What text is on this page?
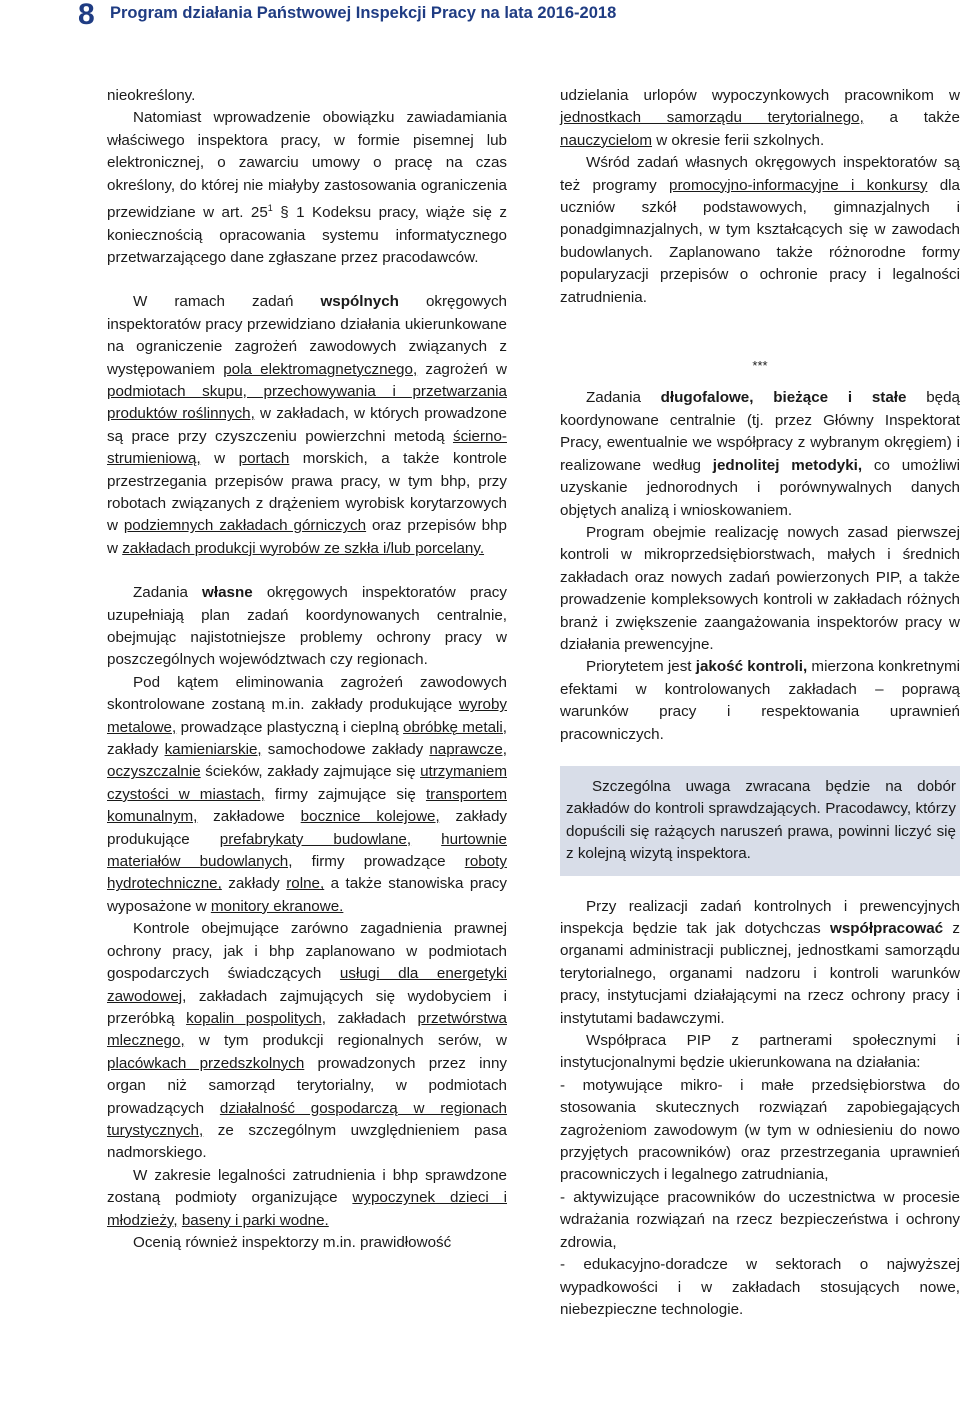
8 Program działania Państwowej Inspekcji Pracy na lata 2016-2018

nieokreślony.

Natomiast wprowadzenie obowiązku zawiadamiania właściwego inspektora pracy, w formie pisemnej lub elektronicznej, o zawarciu umowy o pracę na czas określony, do której nie miałyby zastosowania ograniczenia przewidziane w art. $25^1$ § 1 Kodeksu pracy, wiąże się z koniecznością opracowania systemu informatycznego przetwarzającego dane zgłaszane przez pracodawców.

W ramach zadań wspólnych okręgowych inspektoratów pracy przewidziano działania ukierunkowane na ograniczenie zagrożeń zawodowych związanych z występowaniem pola elektromagnetycznego, zagrożeń w podmiotach skupu, przechowywania i przetwarzania produktów roślinnych, w zakładach, w których prowadzone są prace przy czyszczeniu powierzchni metodą ścierno-strumieniową, w portach morskich, a także kontrole przestrzegania przepisów prawa pracy, w tym bhp, przy robotach związanych z drążeniem wyrobisk korytarzowych w podziemnych zakładach górniczych oraz przepisów bhp w zakładach produkcji wyrobów ze szkła i/lub porcelany.

Zadania własne okręgowych inspektoratów pracy uzupełniają plan zadań koordynowanych centralnie, obejmując najistotniejsze problemy ochrony pracy w poszczególnych województwach czy regionach.

Pod kątem eliminowania zagrożeń zawodowych skontrolowane zostaną m.in. zakłady produkujące wyroby metalowe, prowadzące plastyczną i cieplną obróbkę metali, zakłady kamieniarskie, samochodowe zakłady naprawcze, oczyszczalnie ścieków, zakłady zajmujące się utrzymaniem czystości w miastach, firmy zajmujące się transportem komunalnym, zakładowe bocznice kolejowe, zakłady produkujące prefabrykaty budowlane, hurtownie materiałów budowlanych, firmy prowadzące roboty hydrotechniczne, zakłady rolne, a także stanowiska pracy wyposażone w monitory ekranowe.

Kontrole obejmujące zarówno zagadnienia prawnej ochrony pracy, jak i bhp zaplanowano w podmiotach gospodarczych świadczących usługi dla energetyki zawodowej, zakładach zajmujących się wydobyciem i przeróbką kopalin pospolitych, zakładach przetwórstwa mlecznego, w tym produkcji regionalnych serów, w placówkach przedszkolnych prowadzonych przez inny organ niż samorząd terytorialny, w podmiotach prowadzących działalność gospodarczą w regionach turystycznych, ze szczególnym uwzględnieniem pasa nadmorskiego.

W zakresie legalności zatrudnienia i bhp sprawdzone zostaną podmioty organizujące wypoczynek dzieci i młodzieży, baseny i parki wodne.

Ocenią również inspektorzy m.in. prawidłowość

udzielania urlopów wypoczynkowych pracownikom w jednostkach samorządu terytorialnego, a także nauczycielom w okresie ferii szkolnych.

Wśród zadań własnych okręgowych inspektoratów są też programy promocyjno-informacyjne i konkursy dla uczniów szkół podstawowych, gimnazjalnych i ponadgimnazjalnych, w tym kształcących się w zawodach budowlanych. Zaplanowano także różnorodne formy popularyzacji przepisów o ochronie pracy i legalności zatrudnienia.

***

Zadania długofalowe, bieżące i stałe będą koordynowane centralnie (tj. przez Główny Inspektorat Pracy, ewentualnie we współpracy z wybranym okręgiem) i realizowane według jednolitej metodyki, co umożliwi uzyskanie jednorodnych i porównywalnych danych objętych analizą i wnioskowaniem.

Program obejmie realizację nowych zasad pierwszej kontroli w mikroprzedsiębiorstwach, małych i średnich zakładach oraz nowych zadań powierzonych PIP, a także prowadzenie kompleksowych kontroli w zakładach różnych branż i zwiększenie zaangażowania inspektorów pracy w działania prewencyjne.

Priorytetem jest jakość kontroli, mierzona konkretnymi efektami w kontrolowanych zakładach – poprawą warunków pracy i respektowania uprawnień pracowniczych.

Szczególna uwaga zwracana będzie na dobór zakładów do kontroli sprawdzających. Pracodawcy, którzy dopuścili się rażących naruszeń prawa, powinni liczyć się z kolejną wizytą inspektora.

Przy realizacji zadań kontrolnych i prewencyjnych inspekcja będzie tak jak dotychczas współpracować z organami administracji publicznej, jednostkami samorządu terytorialnego, organami nadzoru i kontroli warunków pracy, instytucjami działającymi na rzecz ochrony pracy i instytutami badawczymi.

Współpraca PIP z partnerami społecznymi i instytucjonalnymi będzie ukierunkowana na działania:

- motywujące mikro- i małe przedsiębiorstwa do stosowania skutecznych rozwiązań zapobiegających zagrożeniom zawodowym (w tym w odniesieniu do nowo przyjętych pracowników) oraz przestrzegania uprawnień pracowniczych i legalnego zatrudniania,

- aktywizujące pracowników do uczestnictwa w procesie wdrażania rozwiązań na rzecz bezpieczeństwa i ochrony zdrowia,

- edukacyjno-doradcze w sektorach o najwyższej wypadkowości i w zakładach stosujących nowe, niebezpieczne technologie.
